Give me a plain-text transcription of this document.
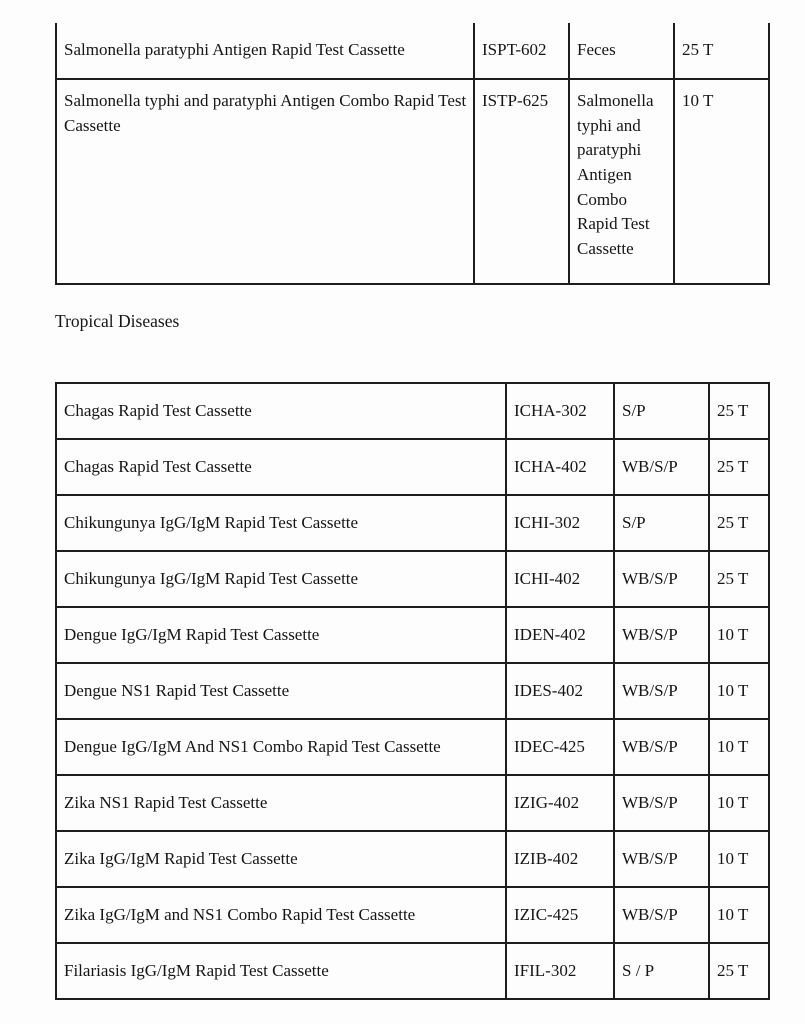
Salmonella paratyphi Antigen Rapid Test Cassette	ISPT-602	Feces	25 T
Salmonella typhi and paratyphi Antigen Combo Rapid Test Cassette	ISTP-625	Salmonella typhi and paratyphi Antigen Combo Rapid Test Cassette	10 T
Tropical Diseases
Chagas Rapid Test Cassette	ICHA-302	S/P	25 T
Chagas Rapid Test Cassette	ICHA-402	WB/S/P	25 T
Chikungunya IgG/IgM Rapid Test Cassette	ICHI-302	S/P	25 T
Chikungunya IgG/IgM Rapid Test Cassette	ICHI-402	WB/S/P	25 T
Dengue IgG/IgM Rapid Test Cassette	IDEN-402	WB/S/P	10 T
Dengue NS1 Rapid Test Cassette	IDES-402	WB/S/P	10 T
Dengue IgG/IgM And NS1 Combo Rapid Test Cassette	IDEC-425	WB/S/P	10 T
Zika NS1 Rapid Test Cassette	IZIG-402	WB/S/P	10 T
Zika IgG/IgM Rapid Test Cassette	IZIB-402	WB/S/P	10 T
Zika IgG/IgM and NS1 Combo Rapid Test Cassette	IZIC-425	WB/S/P	10 T
Filariasis IgG/IgM Rapid Test Cassette	IFIL-302	S / P	25 T
